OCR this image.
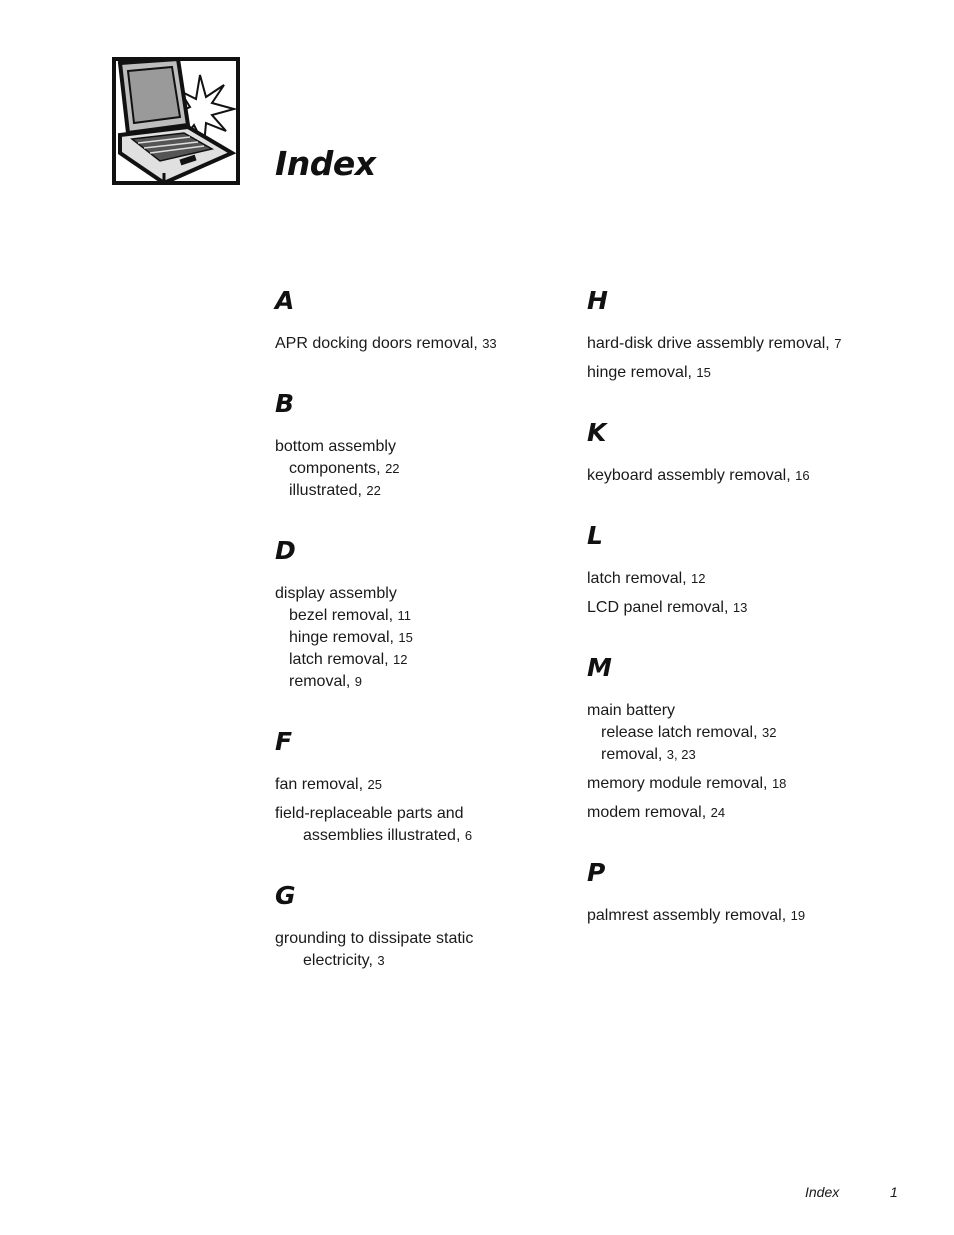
Index
A
APR docking doors removal, 33
B
bottom assembly
components, 22
illustrated, 22
D
display assembly
bezel removal, 11
hinge removal, 15
latch removal, 12
removal, 9
F
fan removal, 25
field-replaceable parts and
assemblies illustrated, 6
G
grounding to dissipate static
electricity, 3
H
hard-disk drive assembly removal, 7
hinge removal, 15
K
keyboard assembly removal, 16
L
latch removal, 12
LCD panel removal, 13
M
main battery
release latch removal, 32
removal, 3, 23
memory module removal, 18
modem removal, 24
P
palmrest assembly removal, 19
Index	1
